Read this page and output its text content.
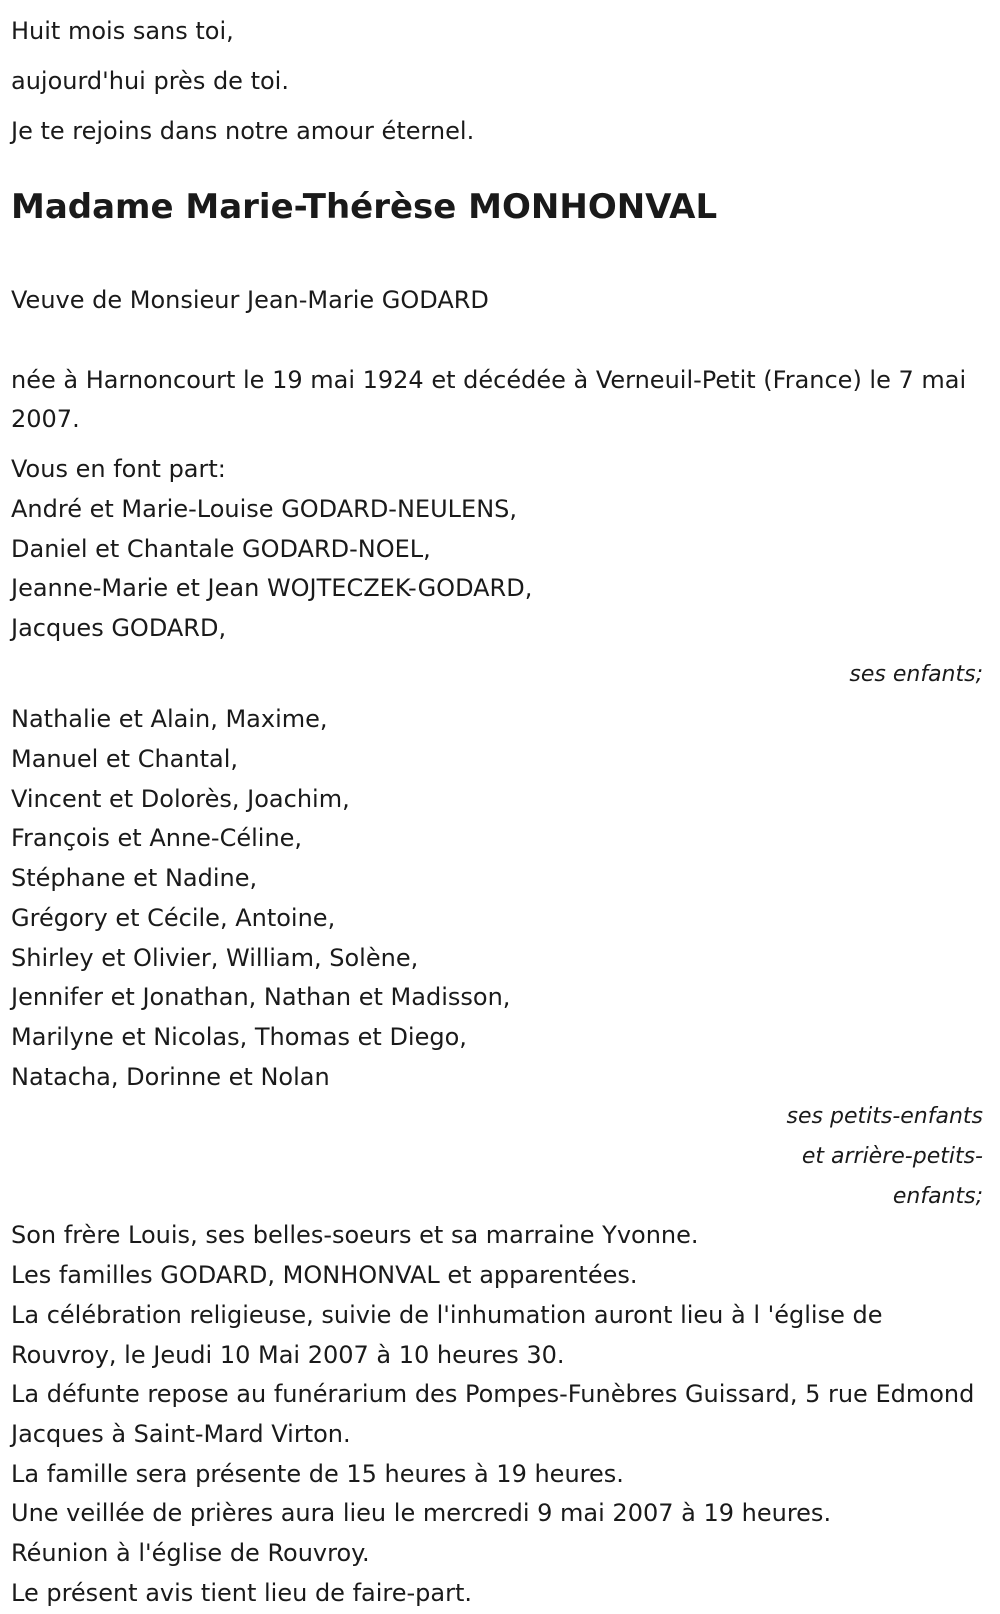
Huit mois sans toi,
aujourd'hui près de toi.
Je te rejoins dans notre amour éternel.
Madame Marie-Thérèse MONHONVAL
Veuve de Monsieur Jean-Marie GODARD
née à Harnoncourt le 19 mai 1924 et décédée à Verneuil-Petit (France) le 7 mai 2007.
Vous en font part:
André et Marie-Louise GODARD-NEULENS,
Daniel et Chantale GODARD-NOEL,
Jeanne-Marie et Jean WOJTECZEK-GODARD,
Jacques GODARD,
ses enfants;
Nathalie et Alain, Maxime,
Manuel et Chantal,
Vincent et Dolorès, Joachim,
François et Anne-Céline,
Stéphane et Nadine,
Grégory et Cécile, Antoine,
Shirley et Olivier, William, Solène,
Jennifer et Jonathan, Nathan et Madisson,
Marilyne et Nicolas, Thomas et Diego,
Natacha, Dorinne et Nolan
ses petits-enfants
et arrière-petits-
enfants;
Son frère Louis, ses belles-soeurs et sa marraine Yvonne.
Les familles GODARD, MONHONVAL et apparentées.
La célébration religieuse, suivie de l'inhumation auront lieu à l 'église de Rouvroy, le Jeudi 10 Mai 2007 à 10 heures 30.
La défunte repose au funérarium des Pompes-Funèbres Guissard, 5 rue Edmond Jacques à Saint-Mard Virton.
La famille sera présente de 15 heures à 19 heures.
Une veillée de prières aura lieu le mercredi 9 mai 2007 à 19 heures.
Réunion à l'église de Rouvroy.
Le présent avis tient lieu de faire-part.
